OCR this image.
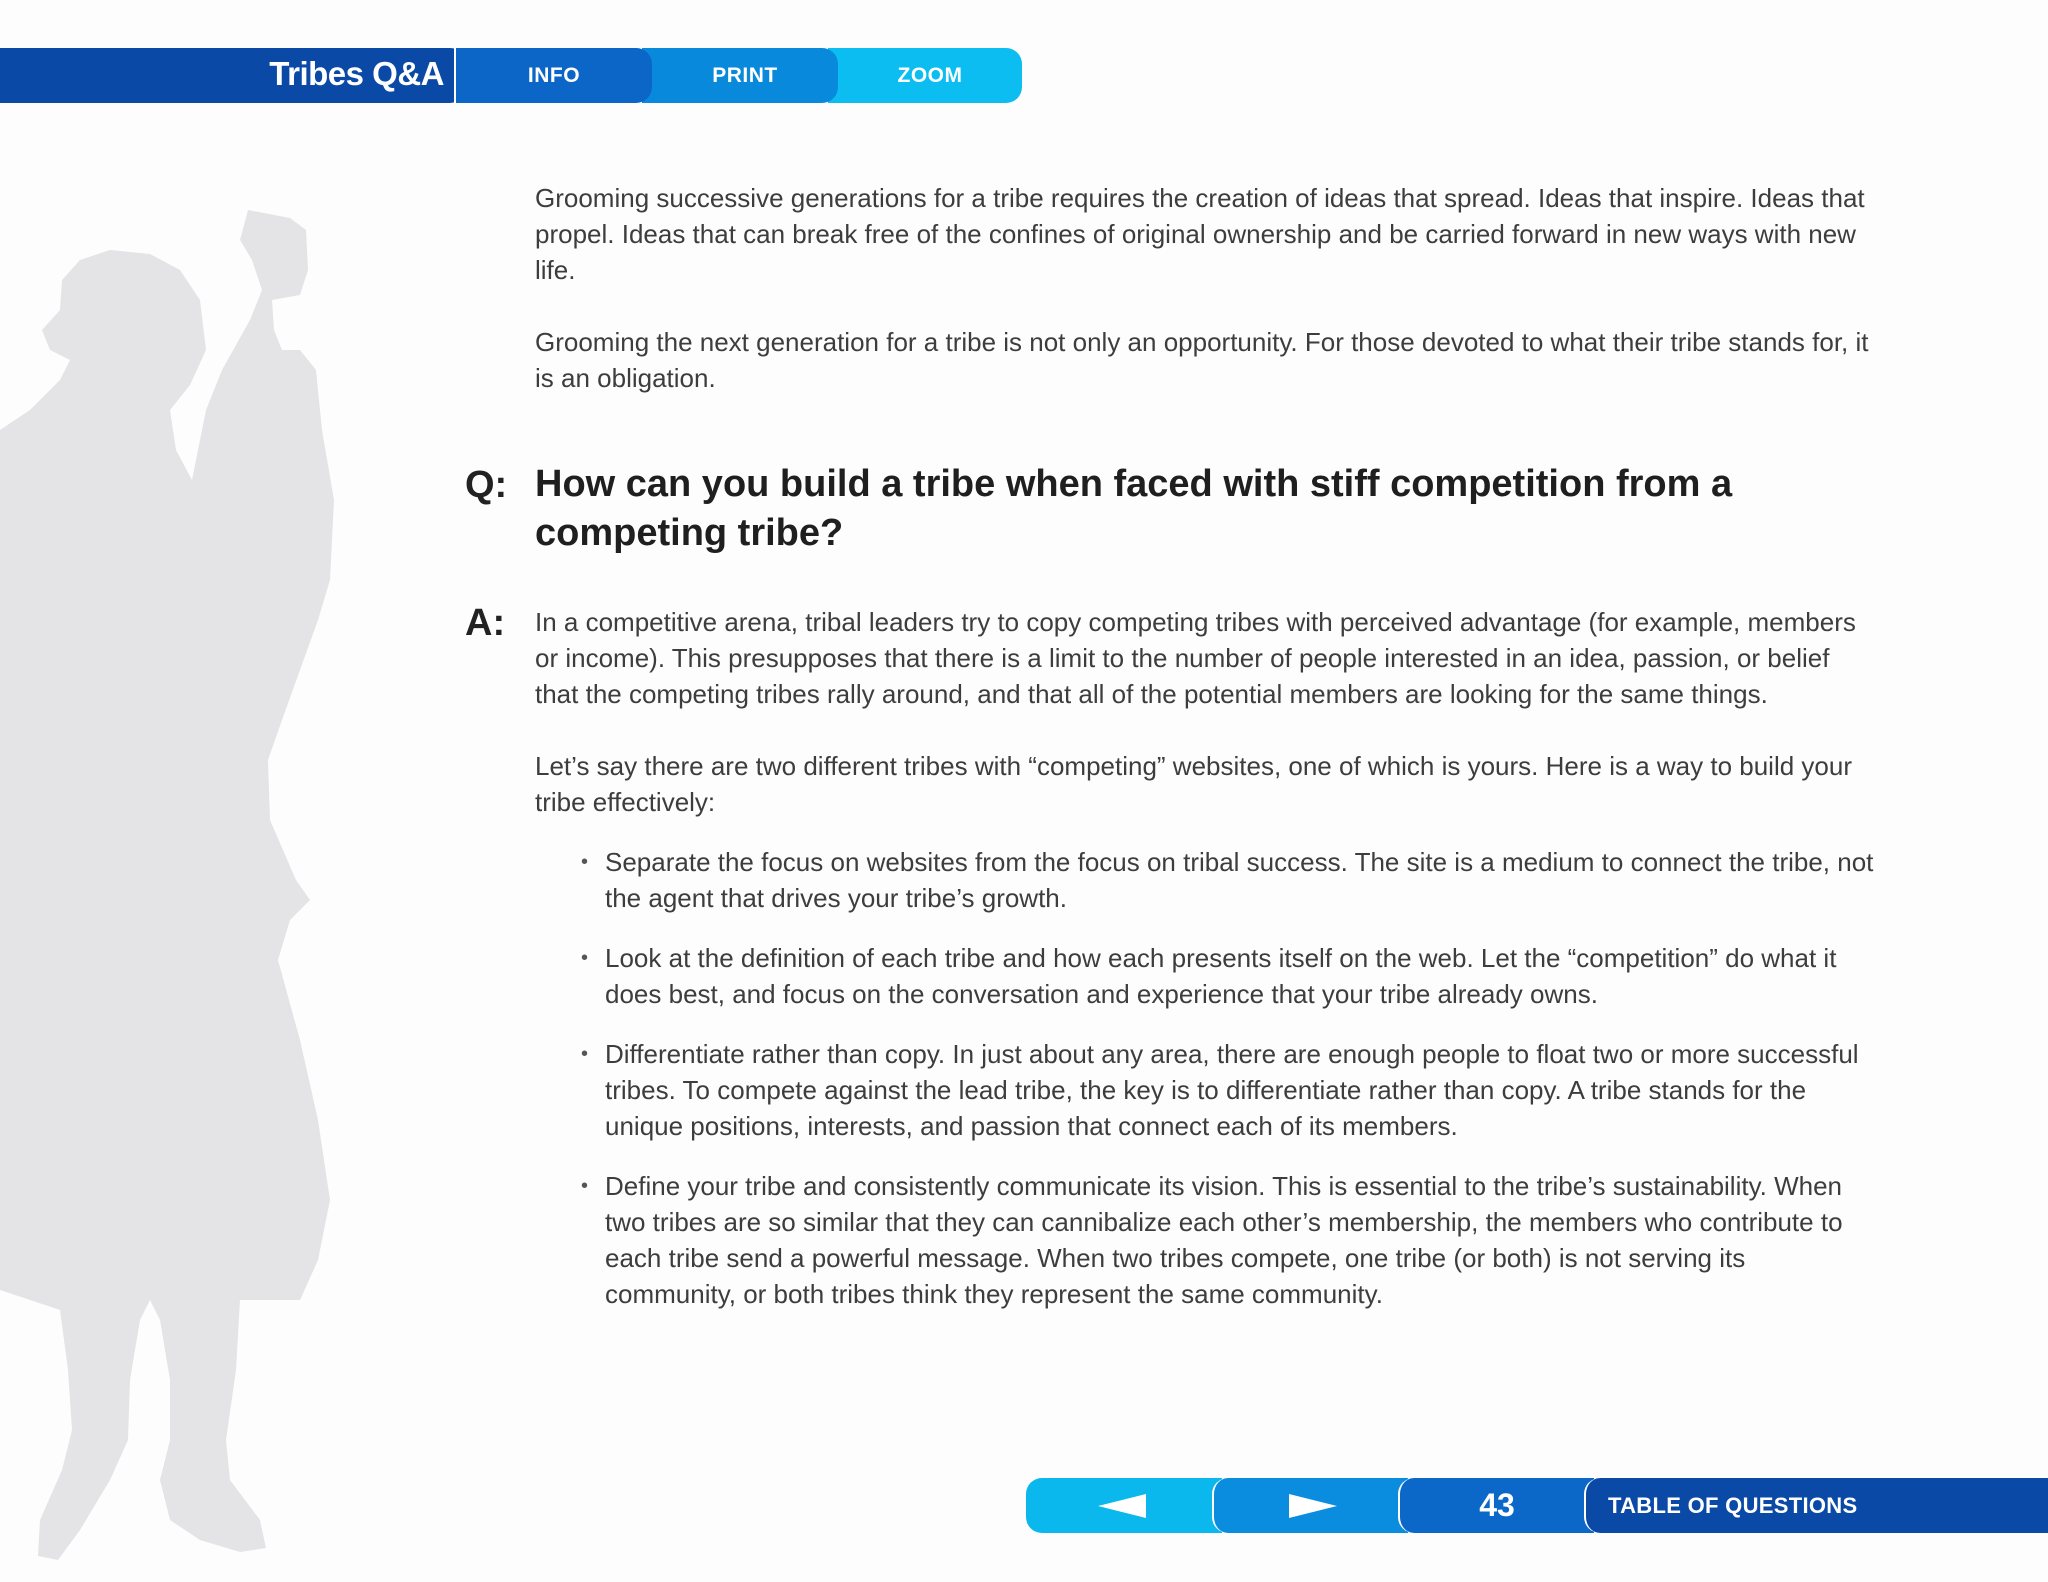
Tribes Q&A	INFO	PRINT	ZOOM

Grooming successive generations for a tribe requires the creation of ideas that spread. Ideas that inspire. Ideas that propel. Ideas that can break free of the confines of original ownership and be carried forward in new ways with new life.

Grooming the next generation for a tribe is not only an opportunity. For those devoted to what their tribe stands for, it is an obligation.

Q: How can you build a tribe when faced with stiff competition from a competing tribe?
A: In a competitive arena, tribal leaders try to copy competing tribes with perceived advantage (for example, members or income). This presupposes that there is a limit to the number of people interested in an idea, passion, or belief that the competing tribes rally around, and that all of the potential members are looking for the same things.

Let’s say there are two different tribes with “competing” websites, one of which is yours. Here is a way to build your tribe effectively:

• Separate the focus on websites from the focus on tribal success. The site is a medium to connect the tribe, not the agent that drives your tribe’s growth.
• Look at the definition of each tribe and how each presents itself on the web. Let the “competition” do what it does best, and focus on the conversation and experience that your tribe already owns.
• Differentiate rather than copy. In just about any area, there are enough people to float two or more successful tribes. To compete against the lead tribe, the key is to differentiate rather than copy. A tribe stands for the unique positions, interests, and passion that connect each of its members.
• Define your tribe and consistently communicate its vision. This is essential to the tribe’s sustainability. When two tribes are so similar that they can cannibalize each other’s membership, the members who contribute to each tribe send a powerful message. When two tribes compete, one tribe (or both) is not serving its community, or both tribes think they represent the same community.
43	TABLE OF QUESTIONS
